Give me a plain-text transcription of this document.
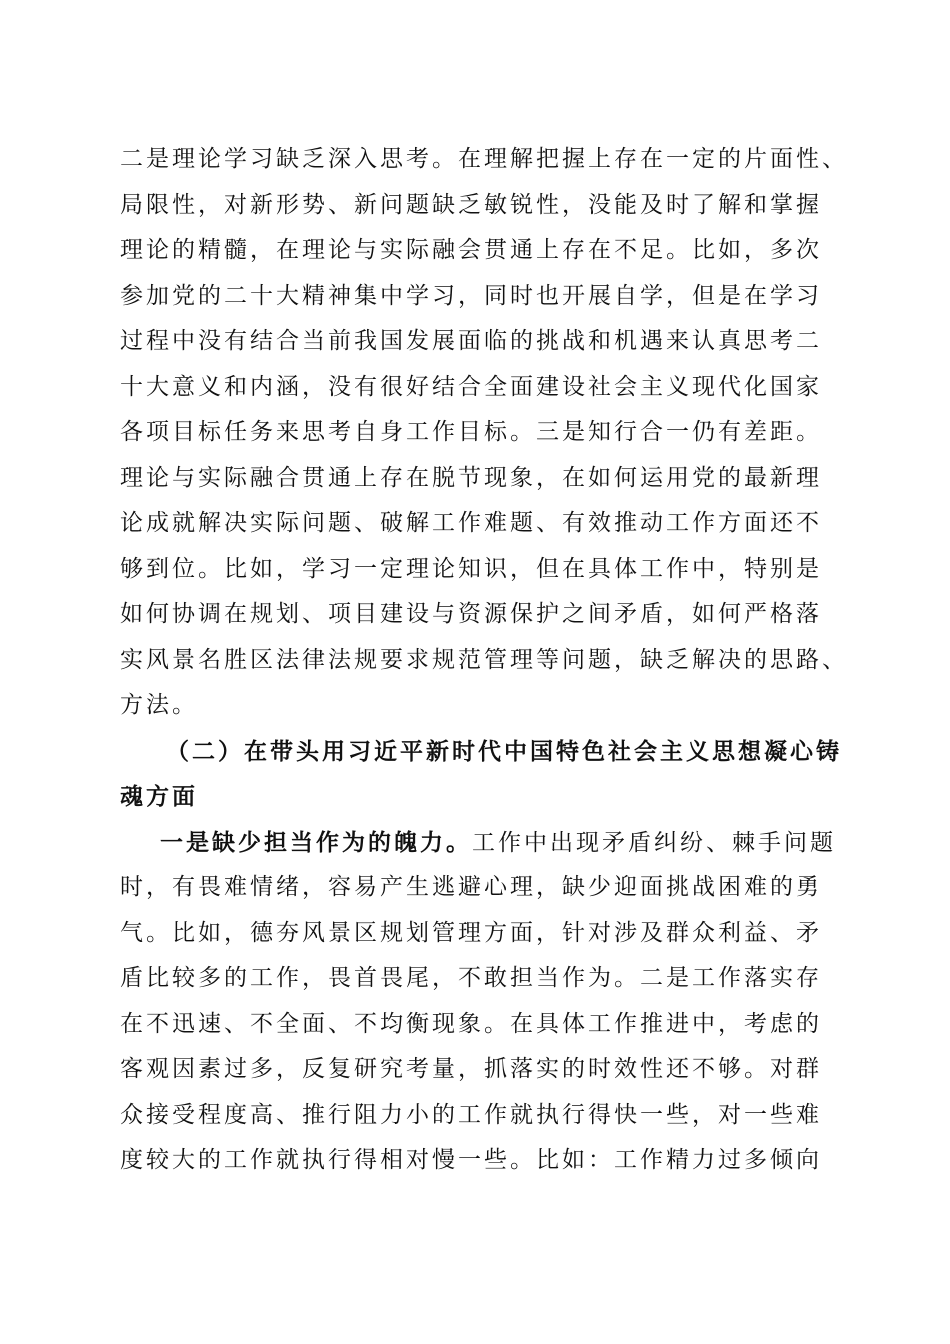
二是理论学习缺乏深入思考。在理解把握上存在一定的片面性、
局限性，对新形势、新问题缺乏敏锐性，没能及时了解和掌握
理论的精髓，在理论与实际融会贯通上存在不足。比如，多次
参加党的二十大精神集中学习，同时也开展自学，但是在学习
过程中没有结合当前我国发展面临的挑战和机遇来认真思考二
十大意义和内涵，没有很好结合全面建设社会主义现代化国家
各项目标任务来思考自身工作目标。三是知行合一仍有差距。
理论与实际融合贯通上存在脱节现象，在如何运用党的最新理
论成就解决实际问题、破解工作难题、有效推动工作方面还不
够到位。比如，学习一定理论知识，但在具体工作中，特别是
如何协调在规划、项目建设与资源保护之间矛盾，如何严格落
实风景名胜区法律法规要求规范管理等问题，缺乏解决的思路、
方法。
（二）在带头用习近平新时代中国特色社会主义思想凝心铸
魂方面
一是缺少担当作为的魄力。工作中出现矛盾纠纷、棘手问题
时，有畏难情绪，容易产生逃避心理，缺少迎面挑战困难的勇
气。比如，德夯风景区规划管理方面，针对涉及群众利益、矛
盾比较多的工作，畏首畏尾，不敢担当作为。二是工作落实存
在不迅速、不全面、不均衡现象。在具体工作推进中，考虑的
客观因素过多，反复研究考量，抓落实的时效性还不够。对群
众接受程度高、推行阻力小的工作就执行得快一些，对一些难
度较大的工作就执行得相对慢一些。比如：工作精力过多倾向
